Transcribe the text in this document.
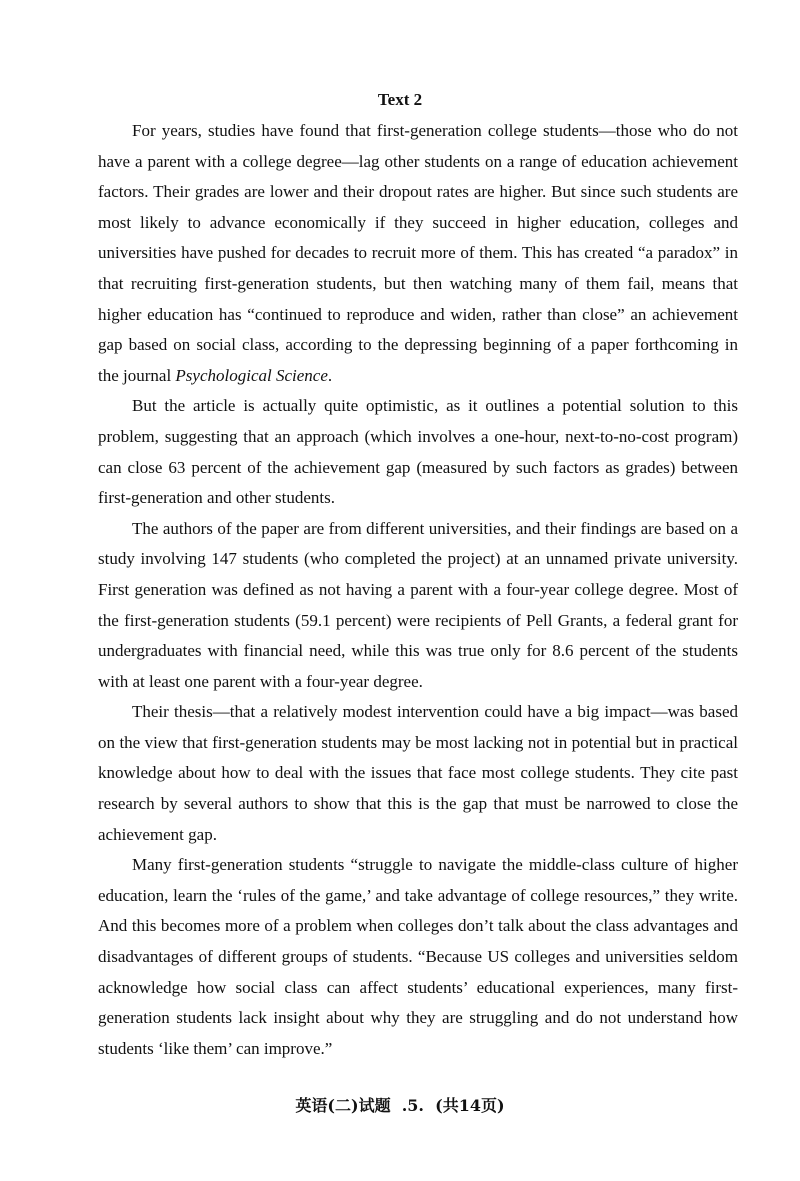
Text 2

For years, studies have found that first-generation college students—those who do not have a parent with a college degree—lag other students on a range of education achievement factors. Their grades are lower and their dropout rates are higher. But since such students are most likely to advance economically if they succeed in higher education, colleges and universities have pushed for decades to recruit more of them. This has created “a paradox” in that recruiting first-generation students, but then watching many of them fail, means that higher education has “continued to reproduce and widen, rather than close” an achievement gap based on social class, according to the depressing beginning of a paper forthcoming in the journal Psychological Science.

But the article is actually quite optimistic, as it outlines a potential solution to this problem, suggesting that an approach (which involves a one-hour, next-to-no-cost program) can close 63 percent of the achievement gap (measured by such factors as grades) between first-generation and other students.

The authors of the paper are from different universities, and their findings are based on a study involving 147 students (who completed the project) at an unnamed private university. First generation was defined as not having a parent with a four-year college degree. Most of the first-generation students (59.1 percent) were recipients of Pell Grants, a federal grant for undergraduates with financial need, while this was true only for 8.6 percent of the students with at least one parent with a four-year degree.

Their thesis—that a relatively modest intervention could have a big impact—was based on the view that first-generation students may be most lacking not in potential but in practical knowledge about how to deal with the issues that face most college students. They cite past research by several authors to show that this is the gap that must be narrowed to close the achievement gap.

Many first-generation students “struggle to navigate the middle-class culture of higher education, learn the ‘rules of the game,’ and take advantage of college resources,” they write. And this becomes more of a problem when colleges don’t talk about the class advantages and disadvantages of different groups of students. “Because US colleges and universities seldom acknowledge how social class can affect students’ educational experiences, many first-generation students lack insight about why they are struggling and do not understand how students ‘like them’ can improve.”

英语(二)试题 .5. (共14页)
